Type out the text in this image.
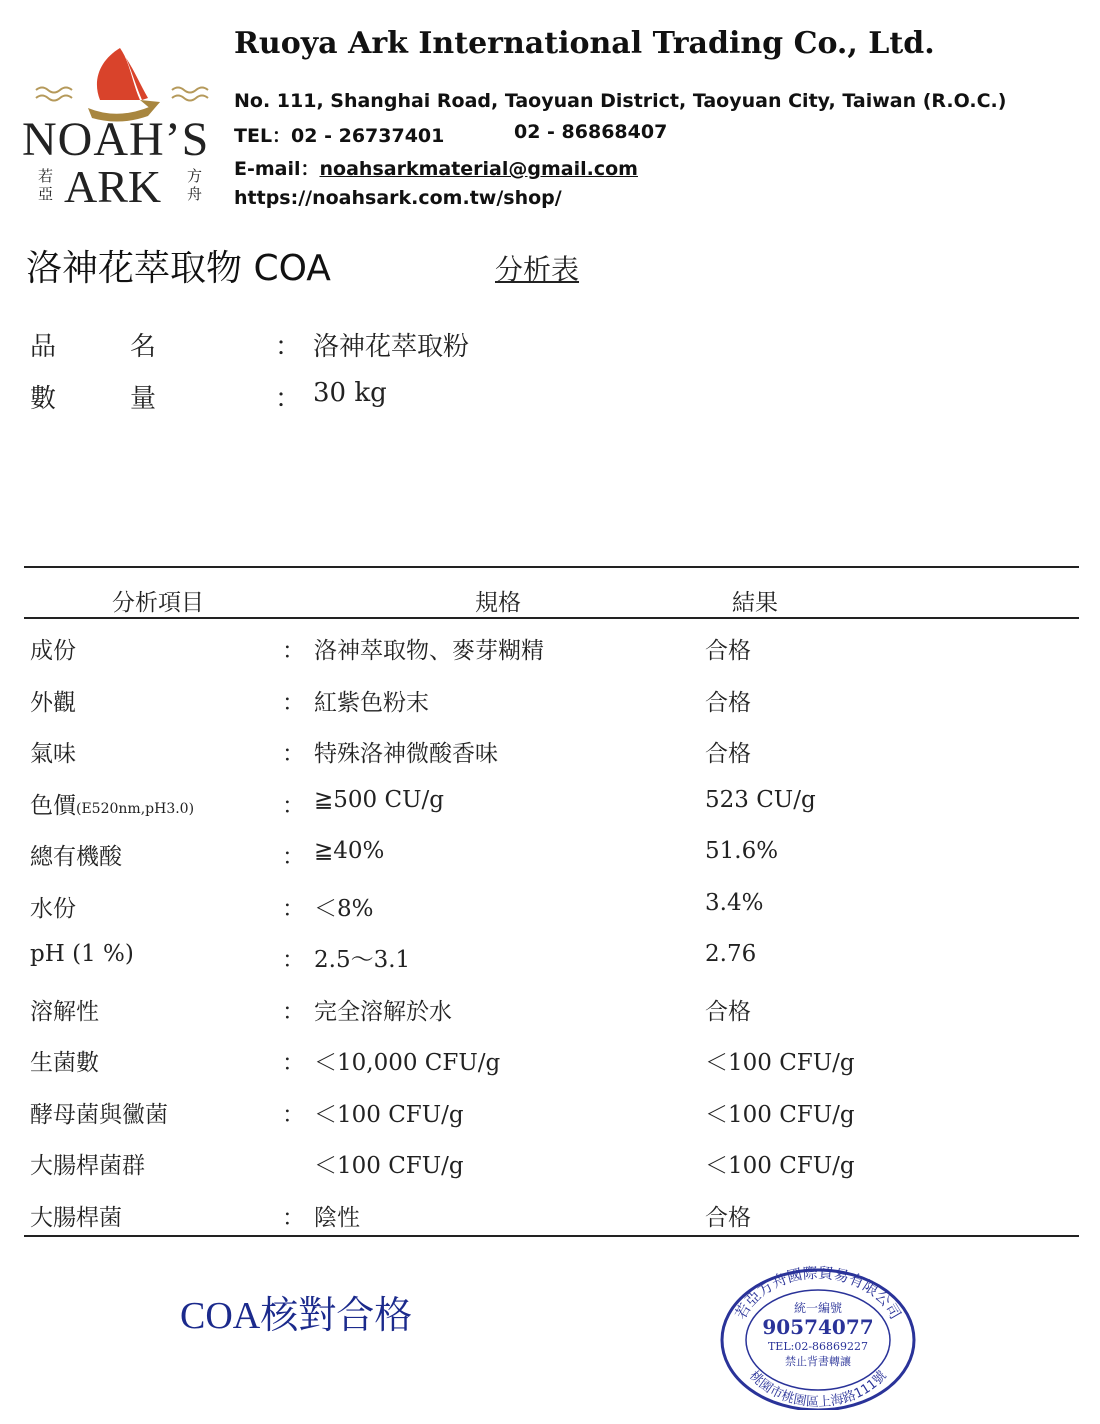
NOAH’S
ARK
若亞
方舟
Ruoya Ark International Trading Co., Ltd.
No. 111, Shanghai Road, Taoyuan District, Taoyuan City, Taiwan (R.O.C.)
TEL：02 - 26737401	02 - 86868407
E-mail：noahsarkmaterial@gmail.com
https://noahsark.com.tw/shop/
洛神花萃取物 COA	分析表
品	名	： 洛神花萃取粉
數	量	： 30 kg
分析項目	規格	結果
成份	： 洛神萃取物、麥芽糊精	合格
外觀	： 紅紫色粉末	合格
氣味	： 特殊洛神微酸香味	合格
色價(E520nm,pH3.0)	： ≧500 CU/g	523 CU/g
總有機酸	： ≧40%	51.6%
水份	： ＜8%	3.4%
pH (1 %)	： 2.5～3.1	2.76
溶解性	： 完全溶解於水	合格
生菌數	： ＜10,000 CFU/g	＜100 CFU/g
酵母菌與黴菌	： ＜100 CFU/g	＜100 CFU/g
大腸桿菌群	＜100 CFU/g	＜100 CFU/g
大腸桿菌	： 陰性	合格
COA核對合格	若亞方舟國際貿易有限公司
桃園市桃園區上海路111號
統一編號
90574077
TEL:02-86869227
禁止背書轉讓
